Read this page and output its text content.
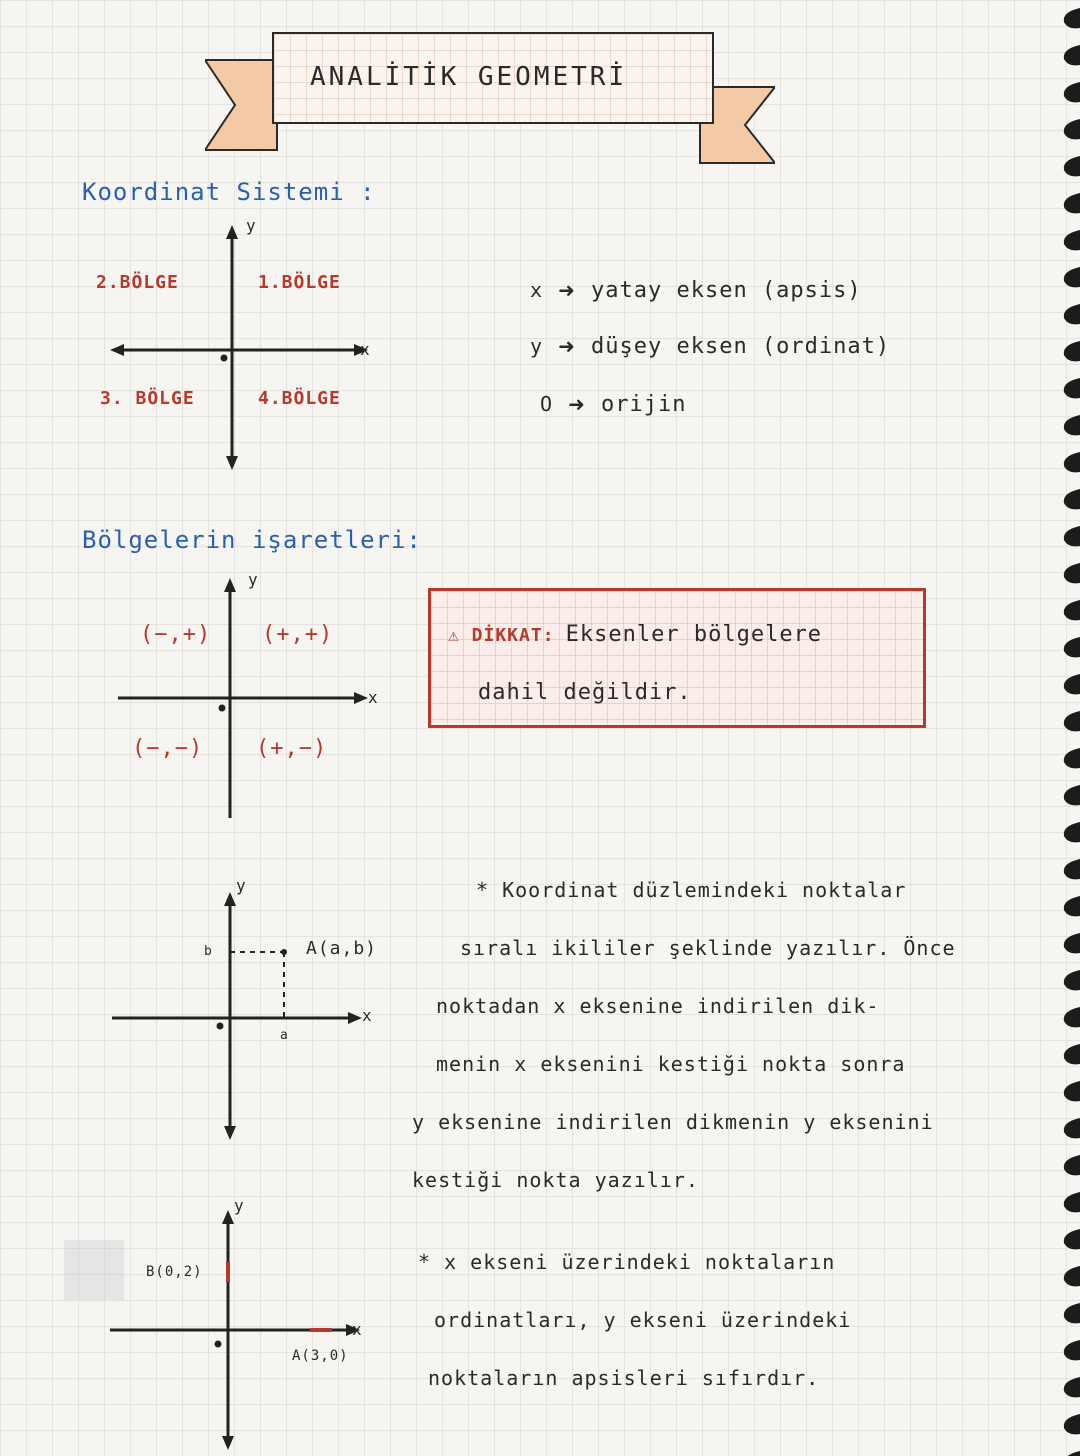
ANALİTİK GEOMETRİ
Koordinat Sistemi :
y
x
2.BÖLGE	1.BÖLGE
3. BÖLGE	4.BÖLGE
x ➜ yatay eksen (apsis)
y ➜ düşey eksen (ordinat)
O ➜ orijin
Bölgelerin işaretleri:
y
x
(−,+) (+,+)
(−,−) (+,−)
⚠ DİKKAT: Eksenler bölgelere
dahil değildir.
y
x
A(a,b)
b
a
* Koordinat düzlemindeki noktalar
sıralı ikililer şeklinde yazılır. Önce
noktadan x eksenine indirilen dik-
menin x eksenini kestiği nokta sonra
y eksenine indirilen dikmenin y eksenini
kestiği nokta yazılır.
y
x
B(0,2)
A(3,0)
* x ekseni üzerindeki noktaların
ordinatları, y ekseni üzerindeki
noktaların apsisleri sıfırdır.
